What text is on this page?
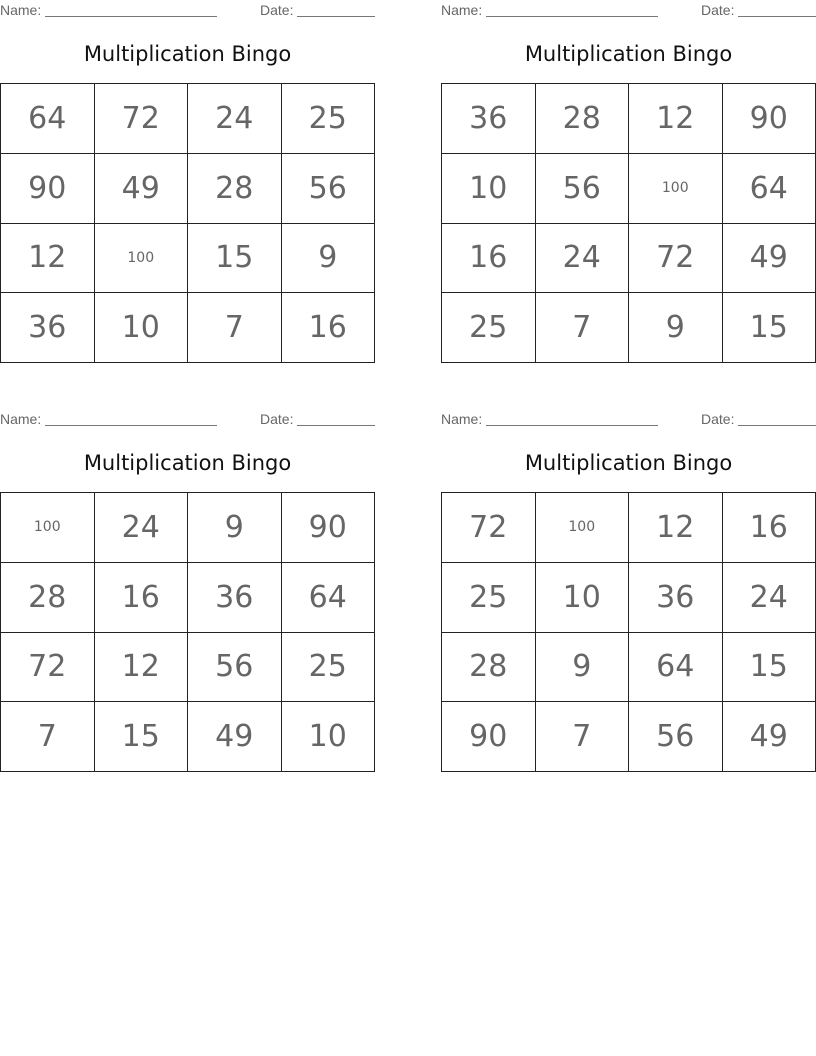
Name:	Date:
Multiplication Bingo
64	72	24	25
90	49	28	56
12	100	15	9
36	10	7	16
Name:	Date:
Multiplication Bingo
36	28	12	90
10	56	100	64
16	24	72	49
25	7	9	15
Name:	Date:
Multiplication Bingo
100	24	9	90
28	16	36	64
72	12	56	25
7	15	49	10
Name:	Date:
Multiplication Bingo
72	100	12	16
25	10	36	24
28	9	64	15
90	7	56	49
